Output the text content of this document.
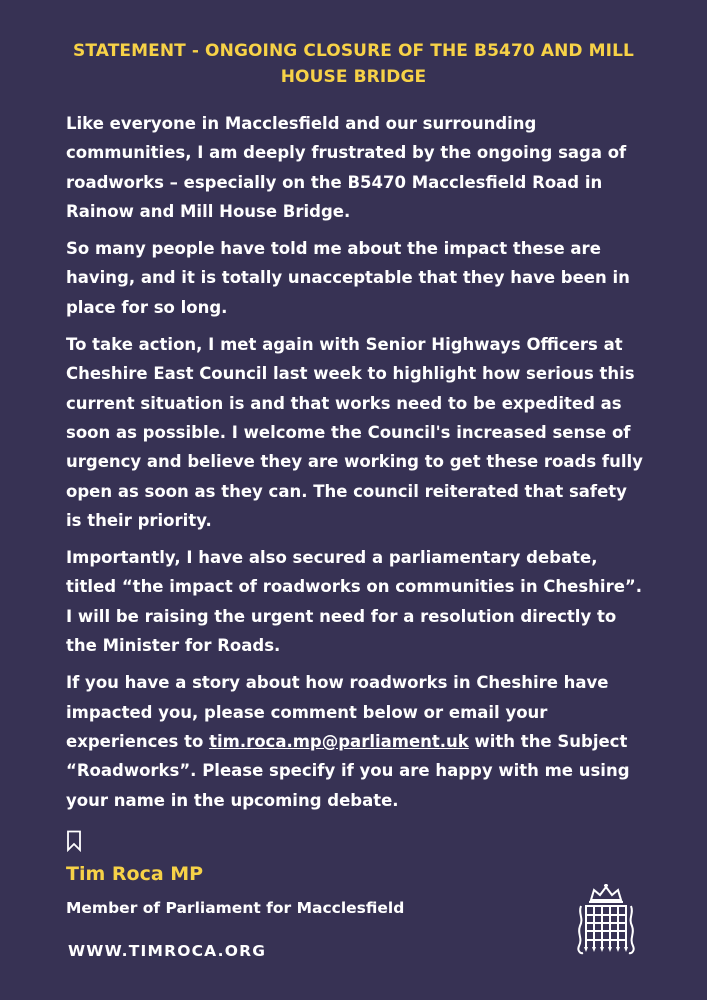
STATEMENT - ONGOING CLOSURE OF THE B5470 AND MILL HOUSE BRIDGE

Like everyone in Macclesfield and our surrounding communities, I am deeply frustrated by the ongoing saga of roadworks – especially on the B5470 Macclesfield Road in Rainow and Mill House Bridge.

So many people have told me about the impact these are having, and it is totally unacceptable that they have been in place for so long.

To take action, I met again with Senior Highways Officers at Cheshire East Council last week to highlight how serious this current situation is and that works need to be expedited as soon as possible. I welcome the Council's increased sense of urgency and believe they are working to get these roads fully open as soon as they can. The council reiterated that safety is their priority.

Importantly, I have also secured a parliamentary debate, titled “the impact of roadworks on communities in Cheshire”. I will be raising the urgent need for a resolution directly to the Minister for Roads.

If you have a story about how roadworks in Cheshire have impacted you, please comment below or email your experiences to tim.roca.mp@parliament.uk with the Subject “Roadworks”. Please specify if you are happy with me using your name in the upcoming debate.

Tim Roca MP
Member of Parliament for Macclesfield
WWW.TIMROCA.ORG
